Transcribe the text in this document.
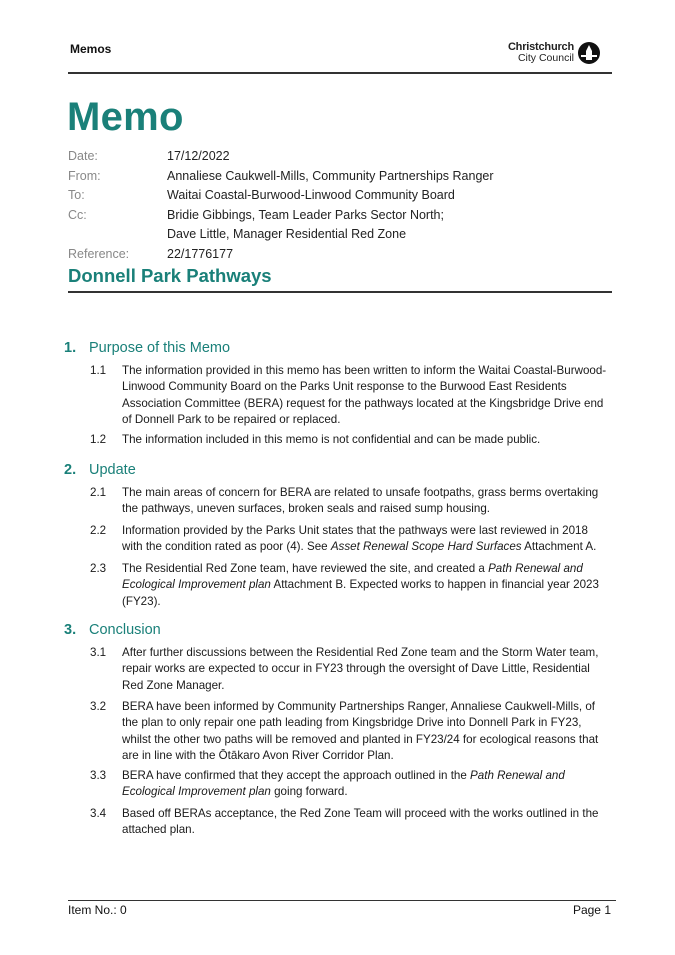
Memos	Christchurch
City Council
Memo
Date:	17/12/2022
From:	Annaliese Caukwell-Mills, Community Partnerships Ranger
To:	Waitai Coastal-Burwood-Linwood Community Board
Cc:	Bridie Gibbings, Team Leader Parks Sector North;
Dave Little, Manager Residential Red Zone
Reference:	22/1776177
Donnell Park Pathways
1. Purpose of this Memo
1.1	The information provided in this memo has been written to inform the Waitai Coastal-Burwood-Linwood Community Board on the Parks Unit response to the Burwood East Residents Association Committee (BERA) request for the pathways located at the Kingsbridge Drive end of Donnell Park to be repaired or replaced.
1.2	The information included in this memo is not confidential and can be made public.
2. Update
2.1	The main areas of concern for BERA are related to unsafe footpaths, grass berms overtaking the pathways, uneven surfaces, broken seals and raised sump housing.
2.2	Information provided by the Parks Unit states that the pathways were last reviewed in 2018 with the condition rated as poor (4). See Asset Renewal Scope Hard Surfaces Attachment A.
2.3	The Residential Red Zone team, have reviewed the site, and created a Path Renewal and Ecological Improvement plan Attachment B. Expected works to happen in financial year 2023 (FY23).
3. Conclusion
3.1	After further discussions between the Residential Red Zone team and the Storm Water team, repair works are expected to occur in FY23 through the oversight of Dave Little, Residential Red Zone Manager.
3.2	BERA have been informed by Community Partnerships Ranger, Annaliese Caukwell-Mills, of the plan to only repair one path leading from Kingsbridge Drive into Donnell Park in FY23, whilst the other two paths will be removed and planted in FY23/24 for ecological reasons that are in line with the Ōtākaro Avon River Corridor Plan.
3.3	BERA have confirmed that they accept the approach outlined in the Path Renewal and Ecological Improvement plan going forward.
3.4	Based off BERAs acceptance, the Red Zone Team will proceed with the works outlined in the attached plan.
Item No.: 0	Page 1
